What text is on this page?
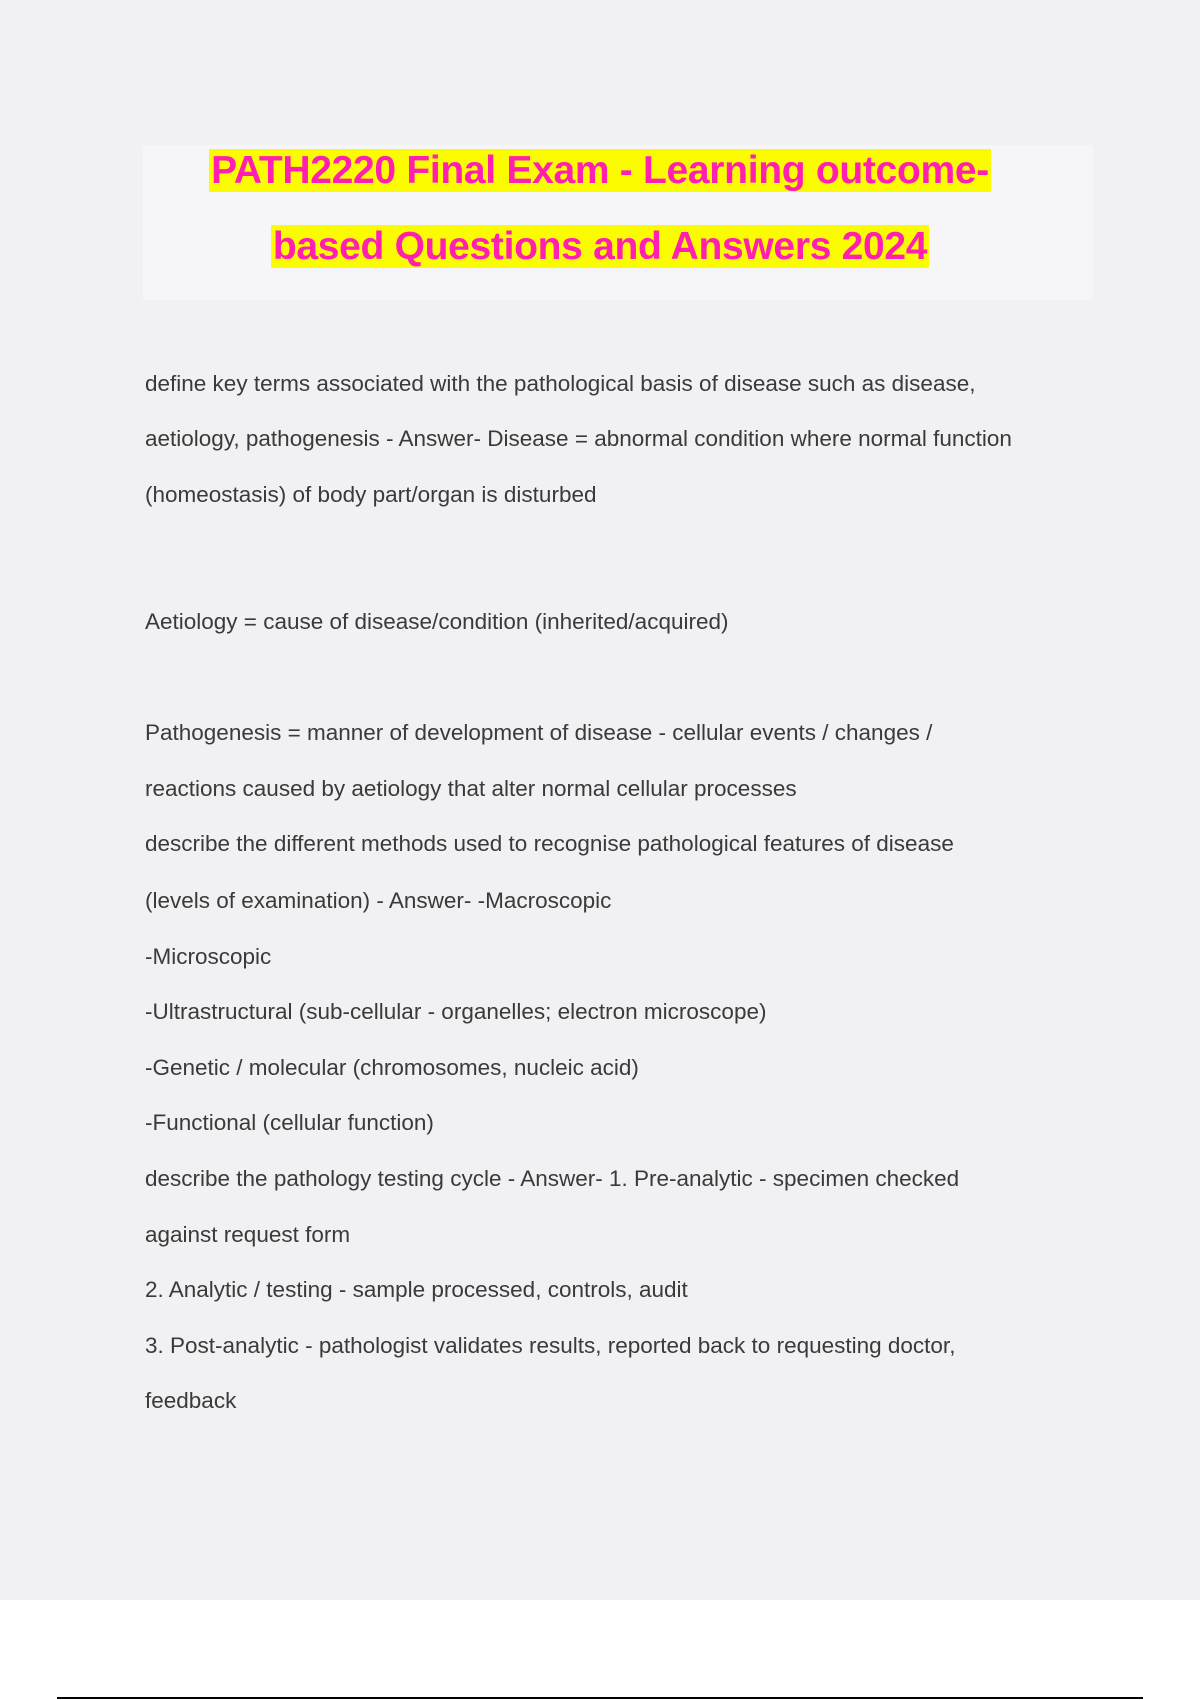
PATH2220 Final Exam - Learning outcome-
based Questions and Answers 2024
define key terms associated with the pathological basis of disease such as disease,
aetiology, pathogenesis - Answer- Disease = abnormal condition where normal function
(homeostasis) of body part/organ is disturbed
Aetiology = cause of disease/condition (inherited/acquired)
Pathogenesis = manner of development of disease - cellular events / changes /
reactions caused by aetiology that alter normal cellular processes
describe the different methods used to recognise pathological features of disease
(levels of examination) - Answer- -Macroscopic
-Microscopic
-Ultrastructural (sub-cellular - organelles; electron microscope)
-Genetic / molecular (chromosomes, nucleic acid)
-Functional (cellular function)
describe the pathology testing cycle - Answer- 1. Pre-analytic - specimen checked
against request form
2. Analytic / testing - sample processed, controls, audit
3. Post-analytic - pathologist validates results, reported back to requesting doctor,
feedback
